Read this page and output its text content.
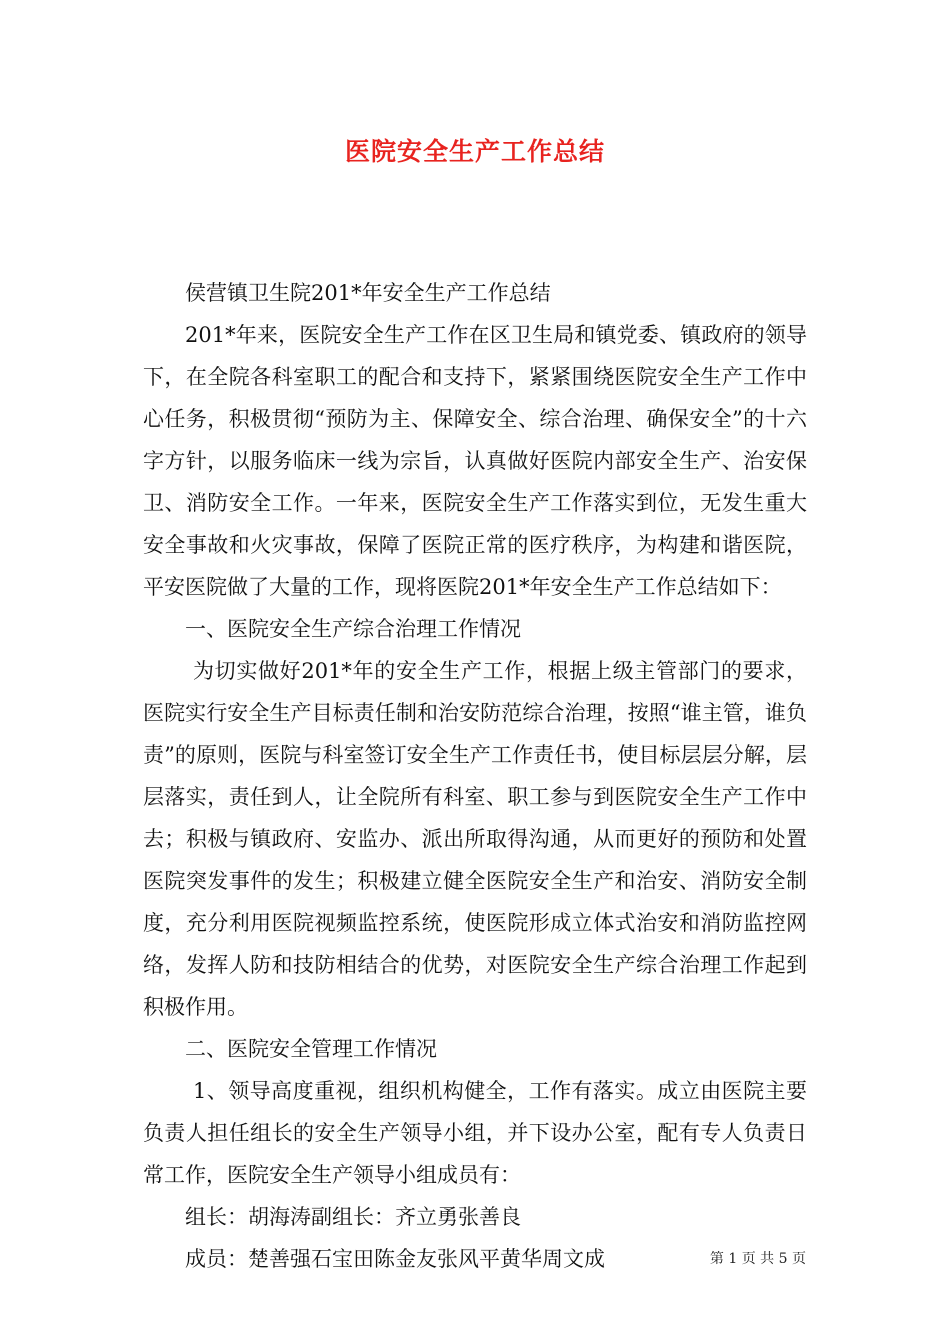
医院安全生产工作总结

侯营镇卫生院201*年安全生产工作总结

201*年来，医院安全生产工作在区卫生局和镇党委、镇政府的领导下，在全院各科室职工的配合和支持下，紧紧围绕医院安全生产工作中心任务，积极贯彻“预防为主、保障安全、综合治理、确保安全”的十六字方针，以服务临床一线为宗旨，认真做好医院内部安全生产、治安保卫、消防安全工作。一年来，医院安全生产工作落实到位，无发生重大安全事故和火灾事故，保障了医院正常的医疗秩序，为构建和谐医院，平安医院做了大量的工作，现将医院201*年安全生产工作总结如下：

一、医院安全生产综合治理工作情况

为切实做好201*年的安全生产工作，根据上级主管部门的要求，医院实行安全生产目标责任制和治安防范综合治理，按照“谁主管，谁负责”的原则，医院与科室签订安全生产工作责任书，使目标层层分解，层层落实，责任到人，让全院所有科室、职工参与到医院安全生产工作中去；积极与镇政府、安监办、派出所取得沟通，从而更好的预防和处置医院突发事件的发生；积极建立健全医院安全生产和治安、消防安全制度，充分利用医院视频监控系统，使医院形成立体式治安和消防监控网络，发挥人防和技防相结合的优势，对医院安全生产综合治理工作起到积极作用。

二、医院安全管理工作情况

1、领导高度重视，组织机构健全，工作有落实。成立由医院主要负责人担任组长的安全生产领导小组，并下设办公室，配有专人负责日常工作，医院安全生产领导小组成员有：

组长：胡海涛副组长：齐立勇张善良

成员：楚善强石宝田陈金友张风平黄华周文成	第 1 页 共 5 页
